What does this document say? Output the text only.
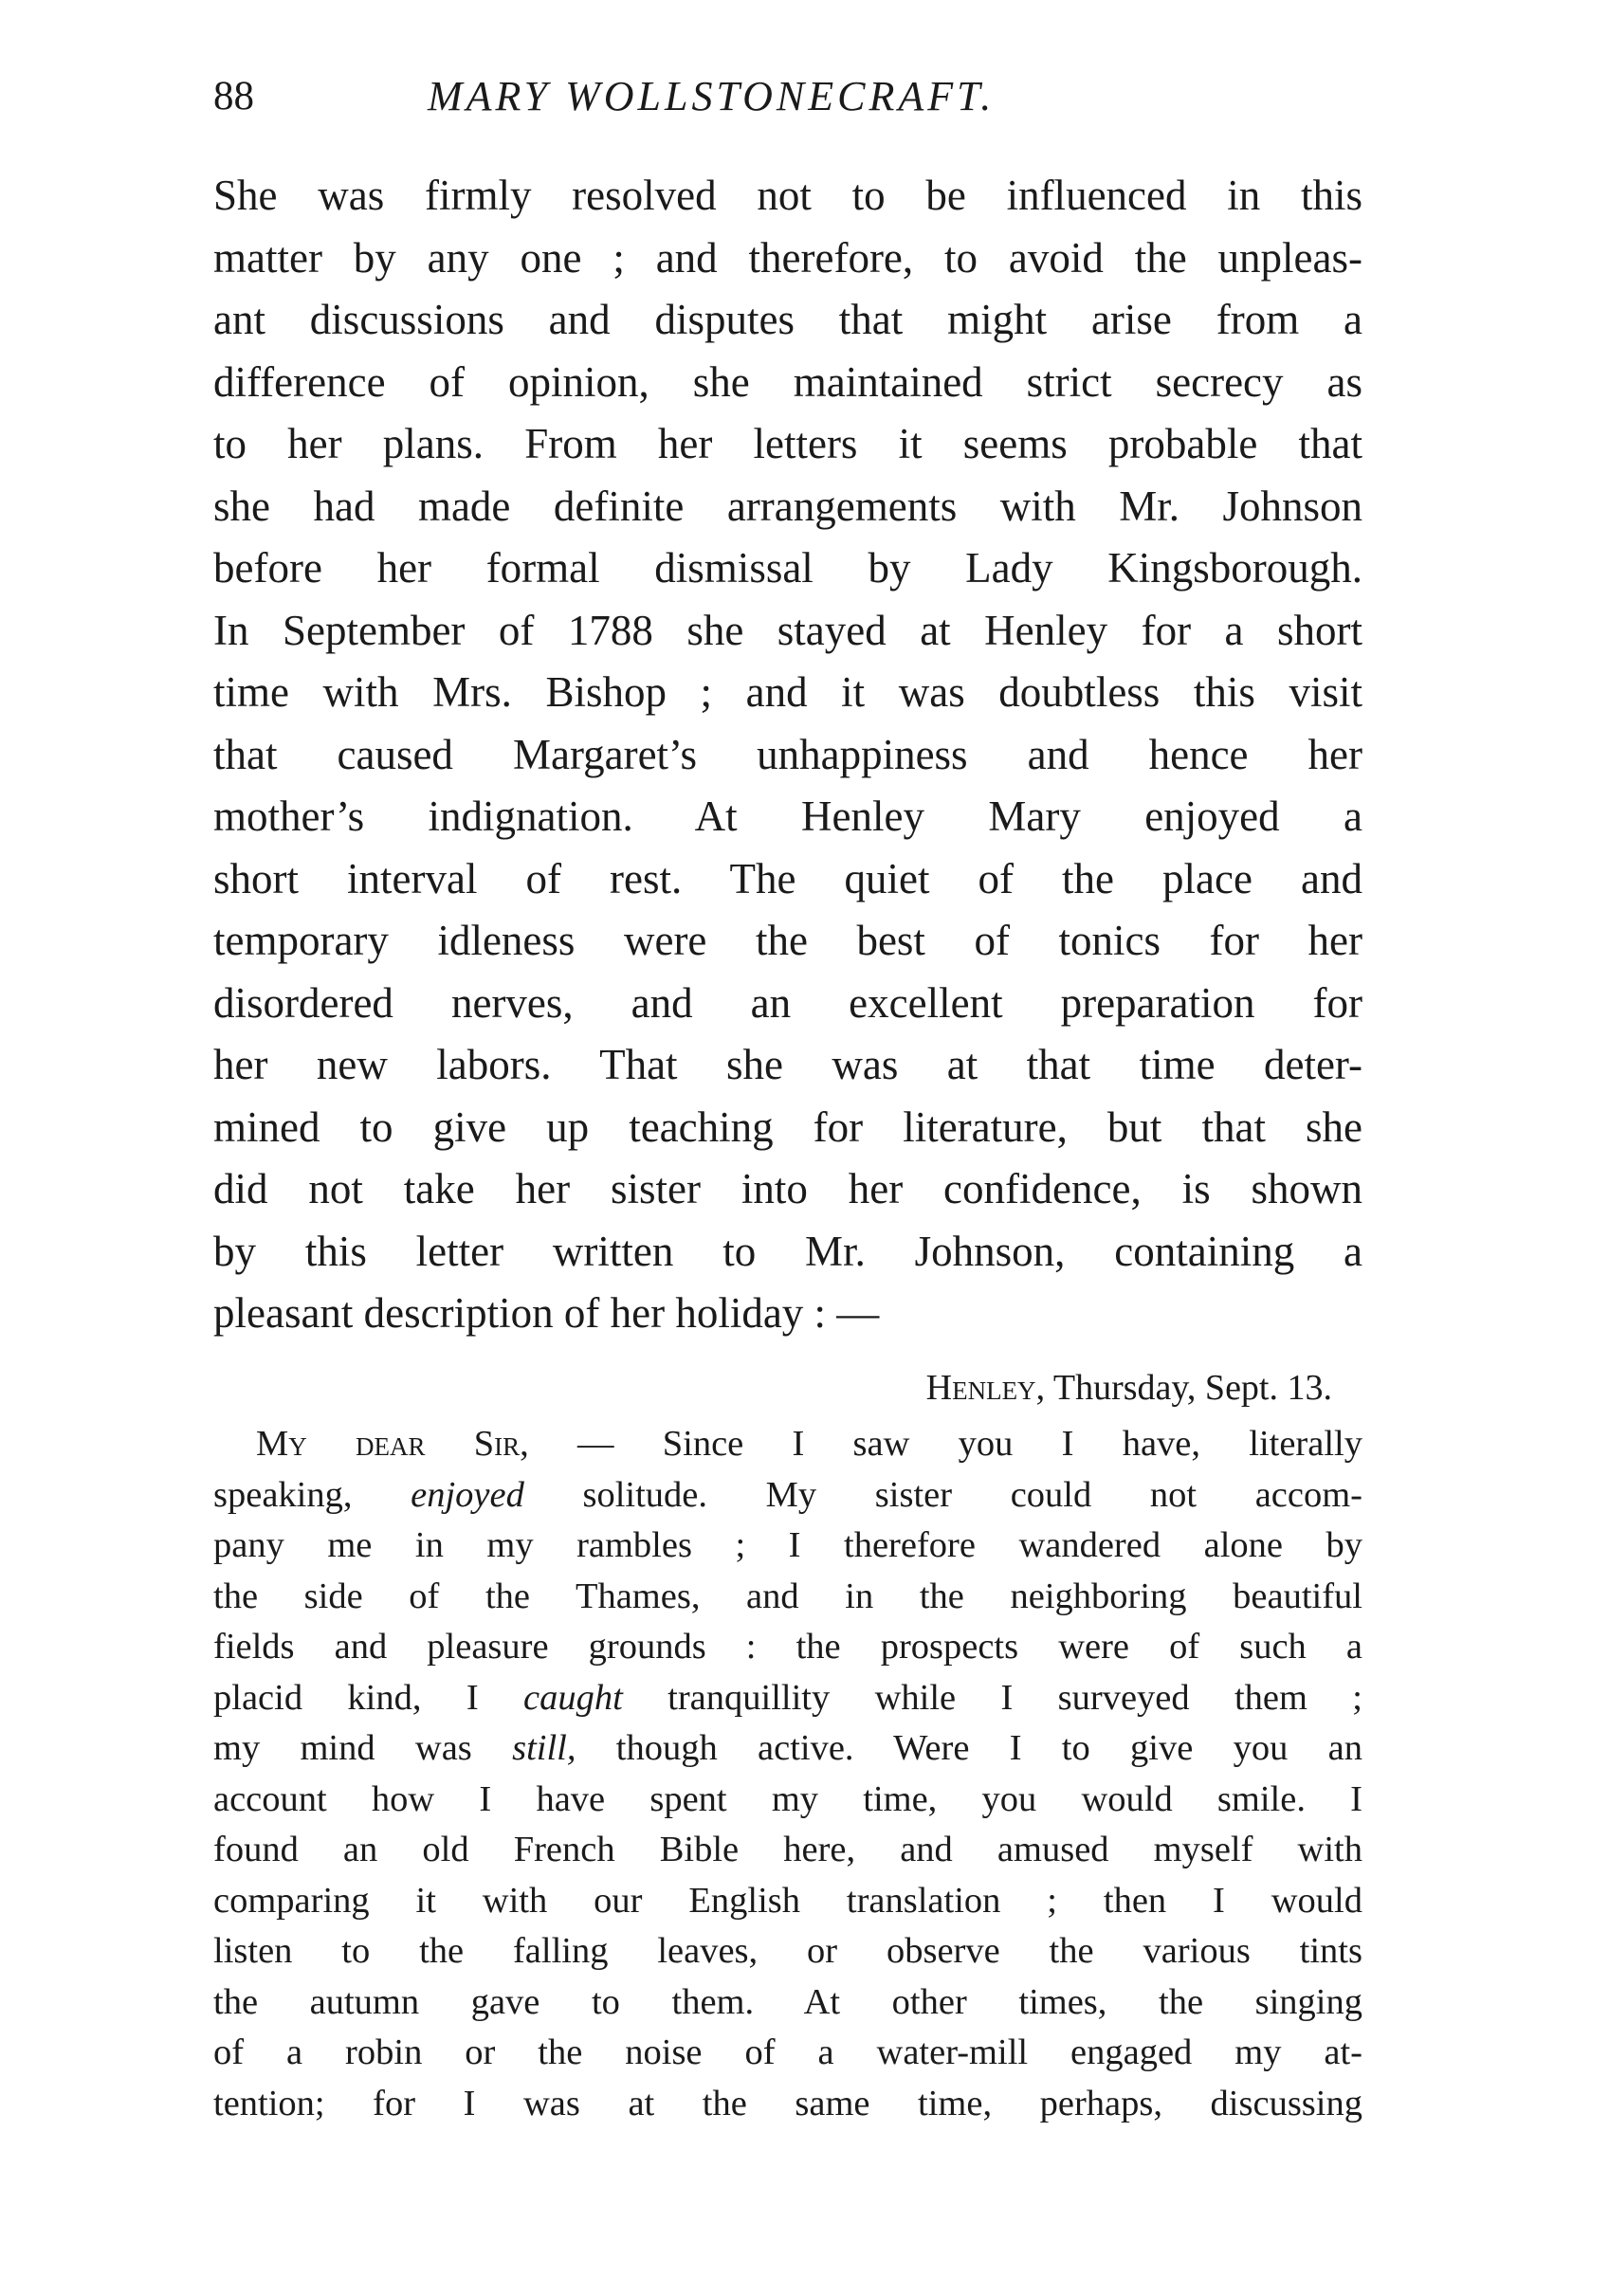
88	MARY WOLLSTONECRAFT.
She was firmly resolved not to be influenced in this
matter by any one ; and therefore, to avoid the unpleas-
ant discussions and disputes that might arise from a
difference of opinion, she maintained strict secrecy as
to her plans. From her letters it seems probable that
she had made definite arrangements with Mr. Johnson
before her formal dismissal by Lady Kingsborough.
In September of 1788 she stayed at Henley for a short
time with Mrs. Bishop ; and it was doubtless this visit
that caused Margaret’s unhappiness and hence her
mother’s indignation. At Henley Mary enjoyed a
short interval of rest. The quiet of the place and
temporary idleness were the best of tonics for her
disordered nerves, and an excellent preparation for
her new labors. That she was at that time deter-
mined to give up teaching for literature, but that she
did not take her sister into her confidence, is shown
by this letter written to Mr. Johnson, containing a
pleasant description of her holiday : —
Henley, Thursday, Sept. 13.
My dear Sir, — Since I saw you I have, literally
speaking, enjoyed solitude. My sister could not accom-
pany me in my rambles ; I therefore wandered alone by
the side of the Thames, and in the neighboring beautiful
fields and pleasure grounds : the prospects were of such a
placid kind, I caught tranquillity while I surveyed them ;
my mind was still, though active. Were I to give you an
account how I have spent my time, you would smile. I
found an old French Bible here, and amused myself with
comparing it with our English translation ; then I would
listen to the falling leaves, or observe the various tints
the autumn gave to them. At other times, the singing
of a robin or the noise of a water-mill engaged my at-
tention; for I was at the same time, perhaps, discussing
